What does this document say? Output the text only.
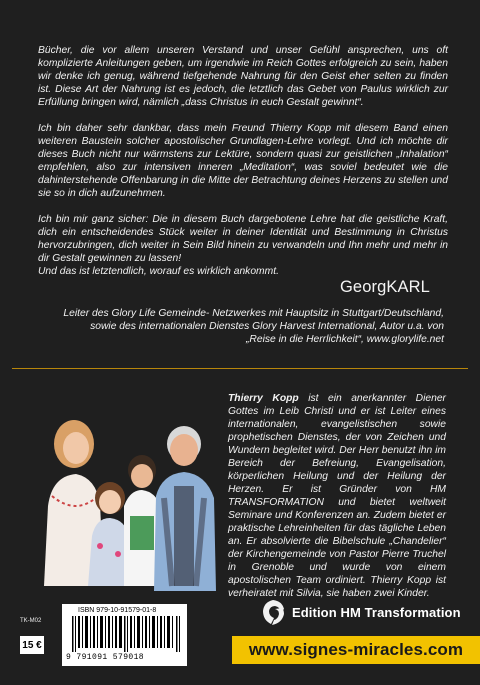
Bücher, die vor allem unseren Verstand und unser Gefühl ansprechen, uns oft komplizierte Anleitungen geben, um irgendwie im Reich Gottes erfolgreich zu sein, haben wir denke ich genug, während tiefgehende Nahrung für den Geist eher selten zu finden ist. Diese Art der Nahrung ist es jedoch, die letztlich das Gebet von Paulus wirklich zur Erfüllung bringen wird, nämlich „dass Christus in euch Gestalt gewinnt“.

Ich bin daher sehr dankbar, dass mein Freund Thierry Kopp mit diesem Band einen weiteren Baustein solcher apostolischer Grundlagen-Lehre vorlegt. Und ich möchte dir dieses Buch nicht nur wärmstens zur Lektüre, sondern quasi zur geistlichen „Inhalation“ empfehlen, also zur intensiven inneren „Meditation“, was soviel bedeutet wie die dahinterstehende Offenbarung in die Mitte der Betrachtung deines Herzens zu stellen und sie so in dich aufzunehmen.

Ich bin mir ganz sicher: Die in diesem Buch dargebotene Lehre hat die geistliche Kraft, dich ein entscheidendes Stück weiter in deiner Identität und Bestimmung in Christus hervorzubringen, dich weiter in Sein Bild hinein zu verwandeln und Ihn mehr und mehr in dir Gestalt gewinnen zu lassen!
Und das ist letztendlich, worauf es wirklich ankommt.

GeorgKARL
Leiter des Glory Life Gemeinde- Netzwerkes mit Hauptsitz in Stuttgart/Deutschland,
sowie des internationalen Dienstes Glory Harvest International, Autor u.a. von
„Reise in die Herrlichkeit“, www.glorylife.net
Thierry Kopp ist ein anerkannter Diener Gottes im Leib Christi und er ist Leiter eines internationalen, evangelistischen sowie prophetischen Dienstes, der von Zeichen und Wundern begleitet wird. Der Herr benutzt ihn im Bereich der Befreiung, Evangelisation, körperlichen Heilung und der Heilung der Herzen. Er ist Gründer von HM TRANSFORMATION und bietet weltweit Seminare und Konferenzen an. Zudem bietet er praktische Lehreinheiten für das tägliche Leben an. Er absolvierte die Bibelschule „Chandelier“ der Kirchengemeinde von Pastor Pierre Truchel in Grenoble und wurde von einem apostolischen Team ordiniert. Thierry Kopp ist verheiratet mit Silvia, sie haben zwei Kinder.
TK-M02
15 €
ISBN 979-10-91579-01-8
9 791091 579018
Edition HM Transformation
www.signes-miracles.com
